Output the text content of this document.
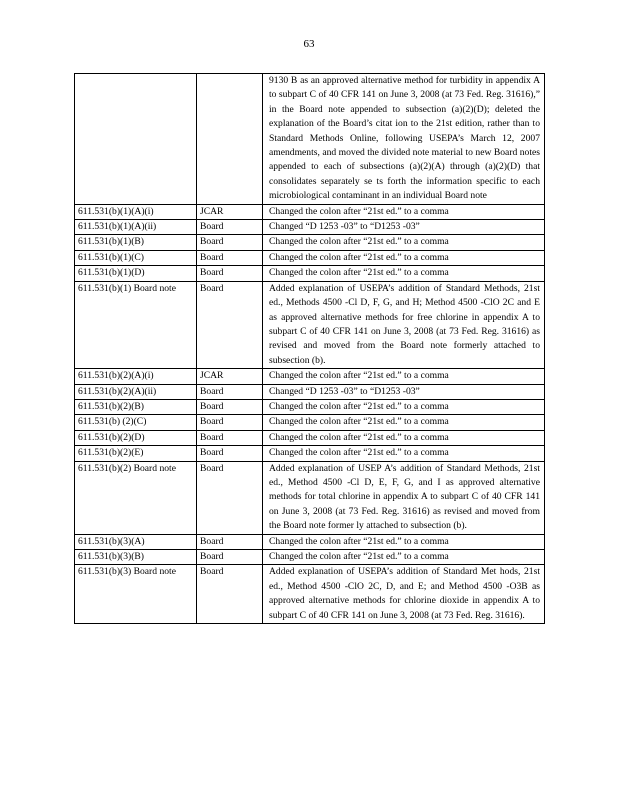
63
		9130 B as an approved alternative method for turbidity in appendix A to subpart C of 40 CFR 141 on June 3, 2008 (at 73 Fed. Reg. 31616),” in the Board note appended to subsection (a)(2)(D); deleted the explanation of the Board’s citat ion to the 21st edition, rather than to Standard Methods Online, following USEPA’s March 12, 2007 amendments, and moved the divided note material to new Board notes appended to each of subsections (a)(2)(A) through (a)(2)(D) that consolidates separately se ts forth the information specific to each microbiological contaminant in an individual Board note
611.531(b)(1)(A)(i)	JCAR	Changed the colon after “21st ed.” to a comma
611.531(b)(1)(A)(ii)	Board	Changed “D 1253 -03” to “D1253 -03”
611.531(b)(1)(B)	Board	Changed the colon after “21st ed.” to a comma
611.531(b)(1)(C)	Board	Changed the colon after “21st ed.” to a comma
611.531(b)(1)(D)	Board	Changed the colon after “21st ed.” to a comma
611.531(b)(1) Board note	Board	Added explanation of USEPA’s addition of Standard Methods, 21st ed., Methods 4500 -Cl D, F, G, and H; Method 4500 -ClO 2C and E as approved alternative methods for free chlorine in appendix A to subpart C of 40 CFR 141 on June 3, 2008 (at 73 Fed. Reg. 31616) as revised and moved from the Board note formerly attached to subsection (b).
611.531(b)(2)(A)(i)	JCAR	Changed the colon after “21st ed.” to a comma
611.531(b)(2)(A)(ii)	Board	Changed “D 1253 -03” to “D1253 -03”
611.531(b)(2)(B)	Board	Changed the colon after “21st ed.” to a comma
611.531(b) (2)(C)	Board	Changed the colon after “21st ed.” to a comma
611.531(b)(2)(D)	Board	Changed the colon after “21st ed.” to a comma
611.531(b)(2)(E)	Board	Changed the colon after “21st ed.” to a comma
611.531(b)(2) Board note	Board	Added explanation of USEP A’s addition of Standard Methods, 21st ed., Method 4500 -Cl D, E, F, G, and I as approved alternative methods for total chlorine in appendix A to subpart C of 40 CFR 141 on June 3, 2008 (at 73 Fed. Reg. 31616) as revised and moved from the Board note former ly attached to subsection (b).
611.531(b)(3)(A)	Board	Changed the colon after “21st ed.” to a comma
611.531(b)(3)(B)	Board	Changed the colon after “21st ed.” to a comma
611.531(b)(3) Board note	Board	Added explanation of USEPA’s addition of Standard Met hods, 21st ed., Method 4500 -ClO 2C, D, and E; and Method 4500 -O3B as approved alternative methods for chlorine dioxide in appendix A to subpart C of 40 CFR 141 on June 3, 2008 (at 73 Fed. Reg. 31616).
